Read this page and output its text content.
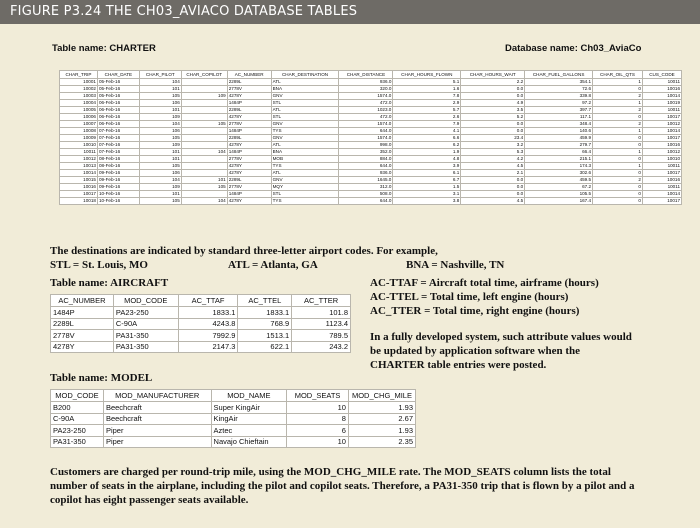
FIGURE P3.24 THE CH03_AVIACO DATABASE TABLES
Table name: CHARTER	Database name: Ch03_AviaCo
CHAR_TRIP	CHAR_DATE	CHAR_PILOT	CHAR_COPILOT	AC_NUMBER	CHAR_DESTINATION	CHAR_DISTANCE	CHAR_HOURS_FLOWN	CHAR_HOURS_WAIT	CHAR_FUEL_GALLONS	CHAR_OIL_QTS	CUS_CODE
10001	05-Feb-16	104		2289L	ATL	936.0	5.1	2.2	354.1	1	10011
10002	05-Feb-16	101		2778V	BNA	320.0	1.6	0.0	72.6	0	10016
10003	05-Feb-16	105	109	4278Y	GNV	1574.0	7.8	0.0	339.8	2	10014
10004	06-Feb-16	106		1484P	STL	472.0	2.9	4.9	97.2	1	10019
10005	06-Feb-16	101		2289L	ATL	1023.0	5.7	3.5	397.7	2	10011
10006	06-Feb-16	109		4278Y	STL	472.0	2.6	5.2	117.1	0	10017
10007	06-Feb-16	104	105	2778V	GNV	1574.0	7.9	0.0	348.4	2	10012
10008	07-Feb-16	106		1484P	TYS	644.0	4.1	0.0	140.6	1	10014
10009	07-Feb-16	105		2289L	GNV	1574.0	6.6	23.4	459.9	0	10017
10010	07-Feb-16	109		4278Y	ATL	998.0	6.2	3.2	279.7	0	10016
10011	07-Feb-16	101	104	1484P	BNA	352.0	1.9	5.3	66.4	1	10012
10012	08-Feb-16	101		2778V	MOB	884.0	4.8	4.2	215.1	0	10010
10013	08-Feb-16	105		4278Y	TYS	644.0	3.9	4.5	174.3	1	10011
10014	09-Feb-16	106		4278Y	ATL	936.0	6.1	2.1	302.6	0	10017
10015	09-Feb-16	104	101	2289L	GNV	1645.0	6.7	0.0	459.5	2	10016
10016	09-Feb-16	109	105	2778V	MQY	312.0	1.5	0.0	67.2	0	10011
10017	10-Feb-16	101		1484P	STL	508.0	3.1	0.0	105.5	0	10014
10018	10-Feb-16	105	104	4278Y	TYS	644.0	3.8	4.5	167.4	0	10017
The destinations are indicated by standard three-letter airport codes. For example,
STL = St. Louis, MO	ATL = Atlanta, GA	BNA = Nashville, TN
Table name: AIRCRAFT
AC_NUMBER	MOD_CODE	AC_TTAF	AC_TTEL	AC_TTER
1484P	PA23-250	1833.1	1833.1	101.8
2289L	C-90A	4243.8	768.9	1123.4
2778V	PA31-350	7992.9	1513.1	789.5
4278Y	PA31-350	2147.3	622.1	243.2
AC-TTAF = Aircraft total time, airframe (hours)
AC-TTEL = Total time, left engine (hours)
AC_TTER = Total time, right engine (hours)
In a fully developed system, such attribute values would be updated by application software when the CHARTER table entries were posted.
Table name: MODEL
MOD_CODE	MOD_MANUFACTURER	MOD_NAME	MOD_SEATS	MOD_CHG_MILE
B200	Beechcraft	Super KingAir	10	1.93
C-90A	Beechcraft	KingAir	8	2.67
PA23-250	Piper	Aztec	6	1.93
PA31-350	Piper	Navajo Chieftain	10	2.35
Customers are charged per round-trip mile, using the MOD_CHG_MILE rate. The MOD_SEATS column lists the total number of seats in the airplane, including the pilot and copilot seats. Therefore, a PA31-350 trip that is flown by a pilot and a copilot has eight passenger seats available.
